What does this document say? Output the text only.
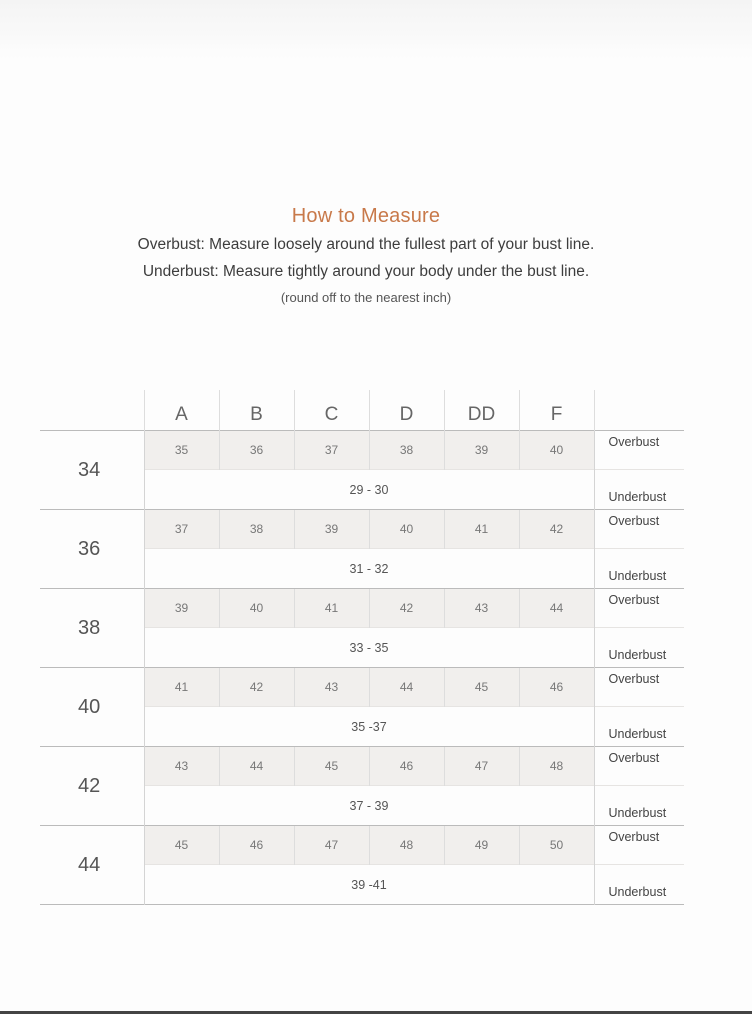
How to Measure
Overbust: Measure loosely around the fullest part of your bust line.
Underbust: Measure tightly around your body under the bust line.
(round off to the nearest inch)
	A	B	C	D	DD	F	
34	35	36	37	38	39	40	Overbust
	29 - 30						Underbust
36	37	38	39	40	41	42	Overbust
	31 - 32						Underbust
38	39	40	41	42	43	44	Overbust
	33 - 35						Underbust
40	41	42	43	44	45	46	Overbust
	35 -37						Underbust
42	43	44	45	46	47	48	Overbust
	37 - 39						Underbust
44	45	46	47	48	49	50	Overbust
	39 -41						Underbust
